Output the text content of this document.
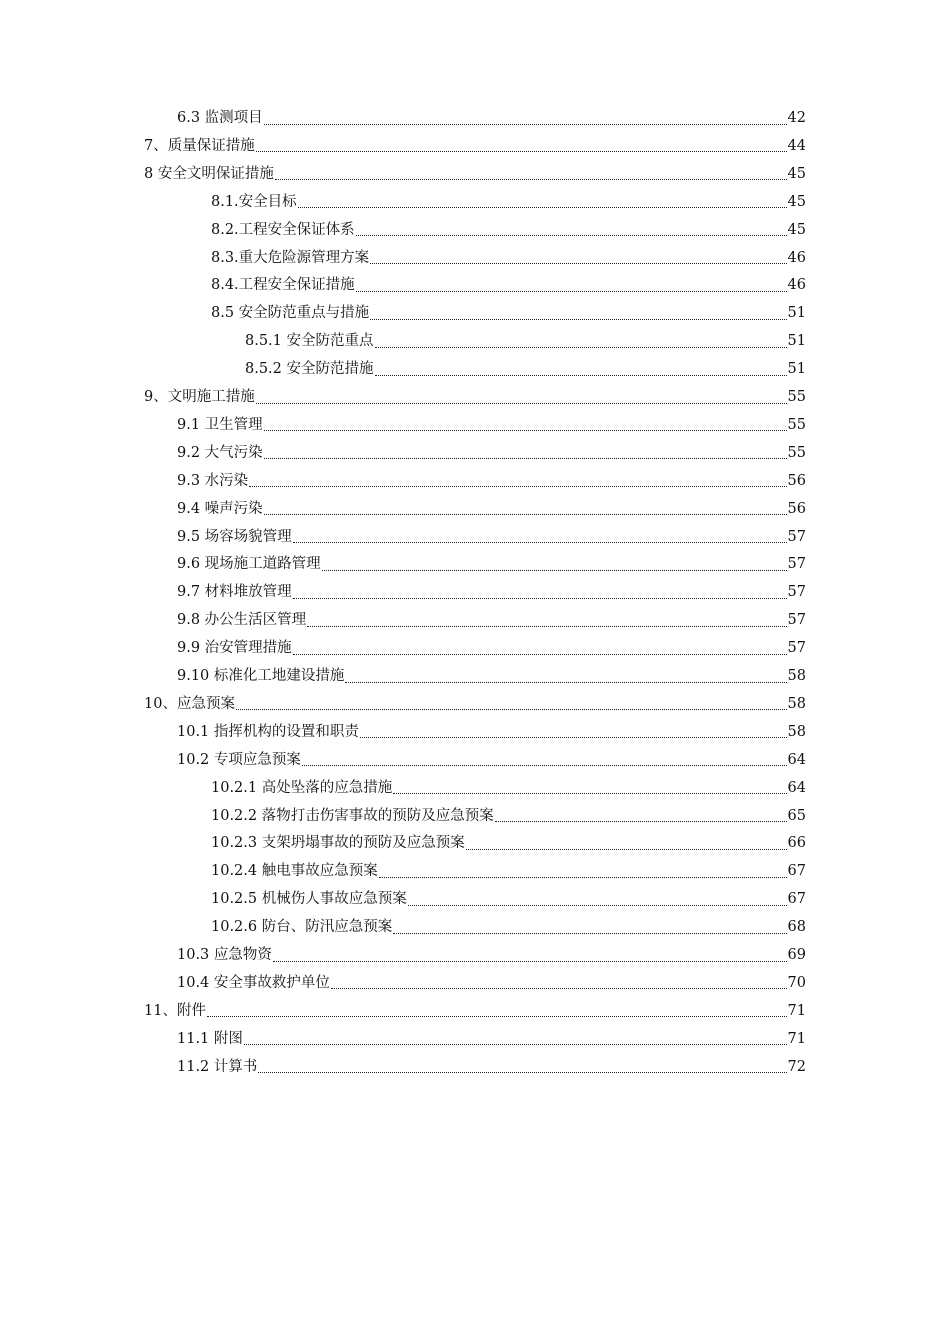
6.3 监测项目	42
7、质量保证措施	44
8 安全文明保证措施	45
8.1.安全目标	45
8.2.工程安全保证体系	45
8.3.重大危险源管理方案	46
8.4.工程安全保证措施	46
8.5 安全防范重点与措施	51
8.5.1 安全防范重点	51
8.5.2 安全防范措施	51
9、文明施工措施	55
9.1 卫生管理	55
9.2 大气污染	55
9.3 水污染	56
9.4 噪声污染	56
9.5 场容场貌管理	57
9.6 现场施工道路管理	57
9.7 材料堆放管理	57
9.8 办公生活区管理	57
9.9 治安管理措施	57
9.10 标准化工地建设措施	58
10、应急预案	58
10.1 指挥机构的设置和职责	58
10.2 专项应急预案	64
10.2.1 高处坠落的应急措施	64
10.2.2 落物打击伤害事故的预防及应急预案	65
10.2.3 支架坍塌事故的预防及应急预案	66
10.2.4 触电事故应急预案	67
10.2.5 机械伤人事故应急预案	67
10.2.6 防台、防汛应急预案	68
10.3 应急物资	69
10.4 安全事故救护单位	70
11、附件	71
11.1 附图	71
11.2 计算书	72
